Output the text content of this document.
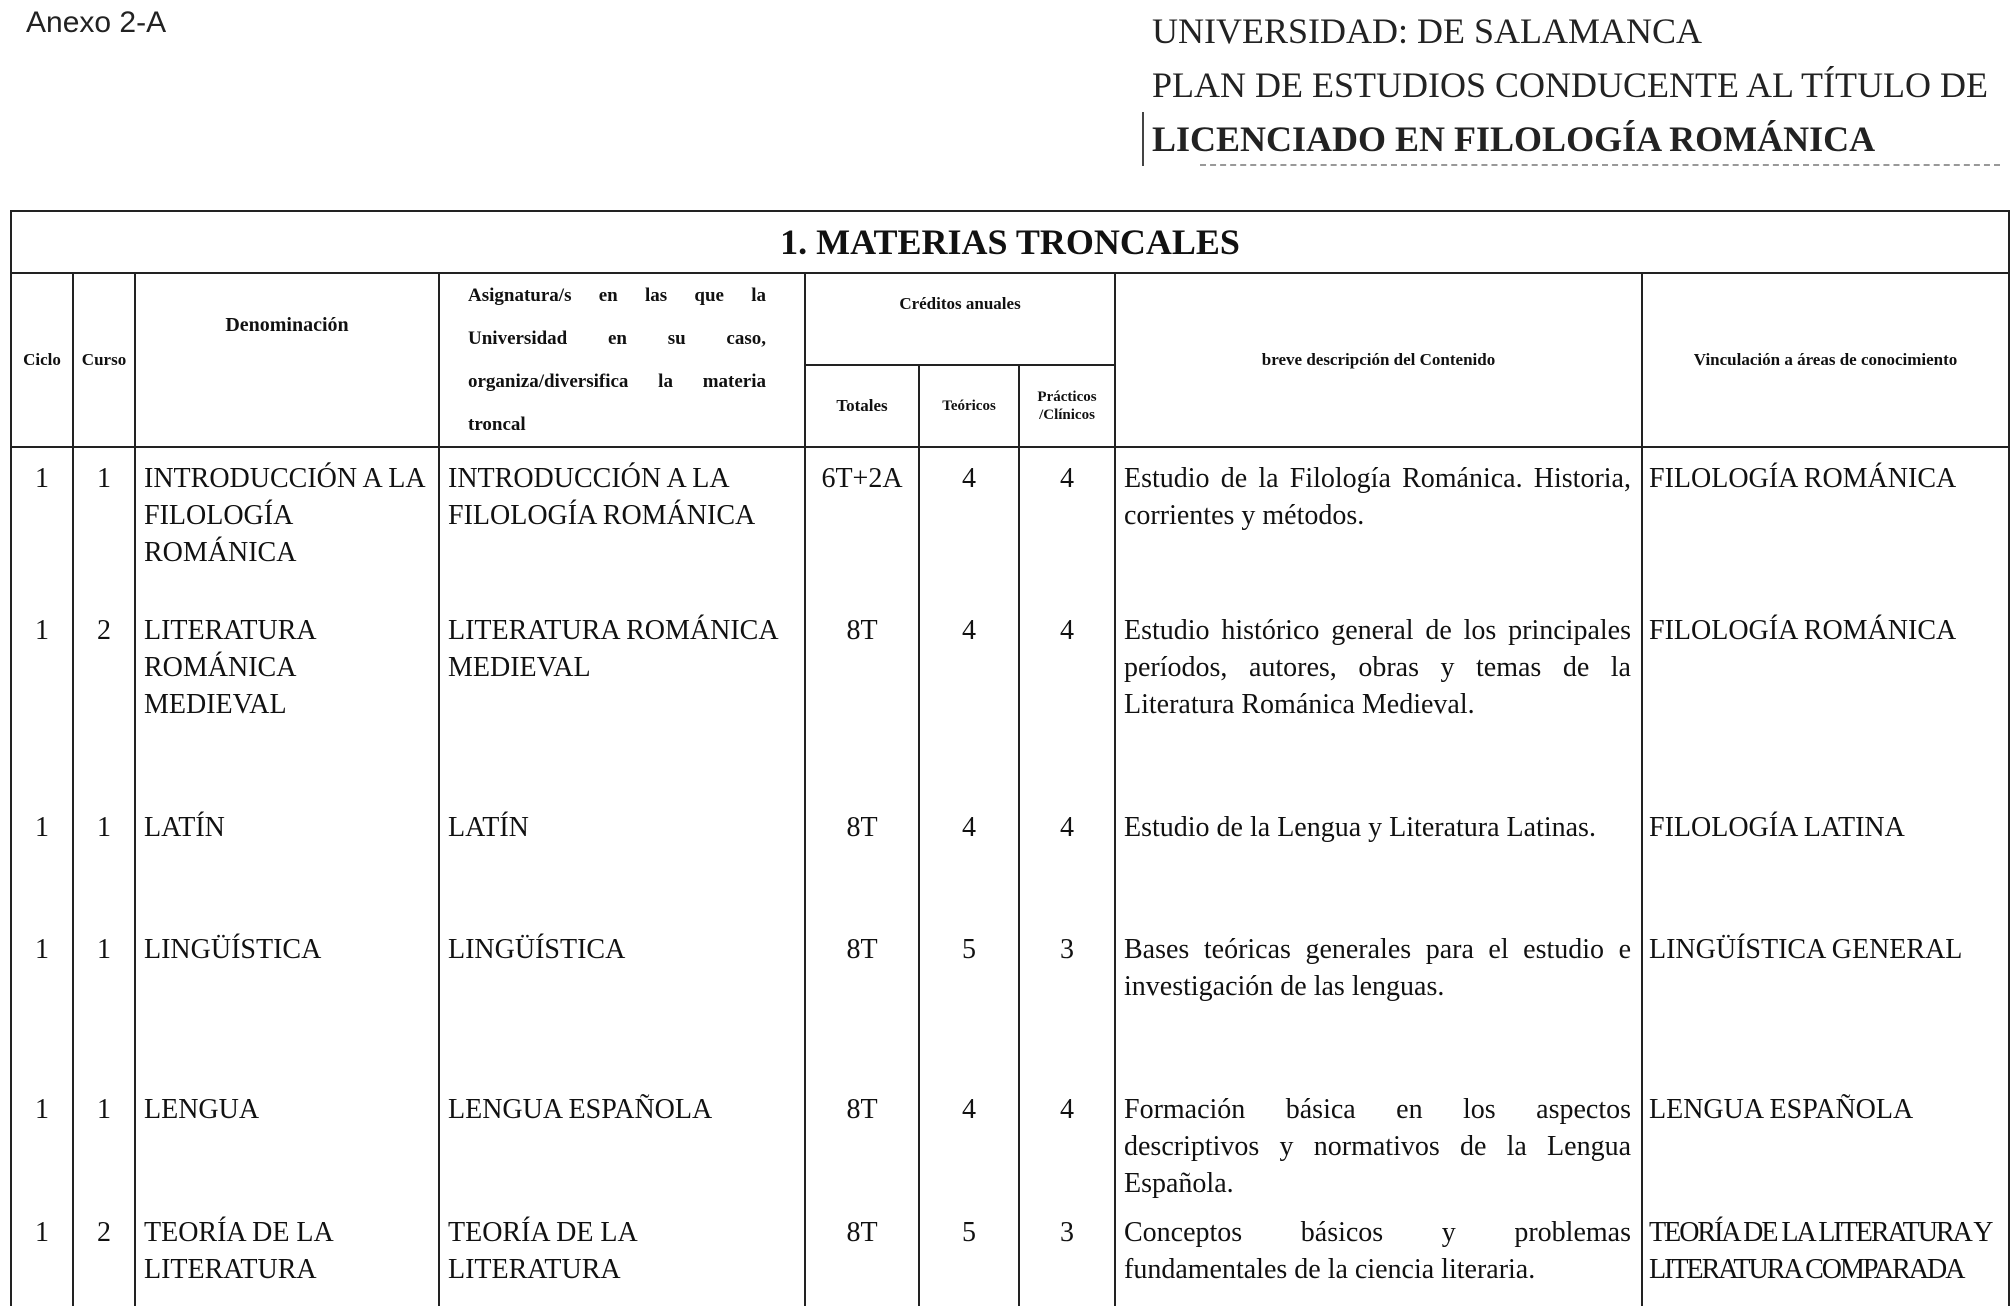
Anexo 2-A	UNIVERSIDAD: DE SALAMANCA
PLAN DE ESTUDIOS CONDUCENTE AL TÍTULO DE
LICENCIADO EN FILOLOGÍA ROMÁNICA
1. MATERIAS TRONCALES								
Ciclo	Curso	Denominación	Asignatura/s en las que la Universidad en su caso, organiza/diversifica la materia troncal	Créditos anuales			breve descripción del Contenido	Vinculación a áreas de conocimiento
				Totales	Teóricos	Prácticos /Clínicos		
1	1	INTRODUCCIÓN A LA FILOLOGÍA ROMÁNICA	INTRODUCCIÓN A LA FILOLOGÍA ROMÁNICA	6T+2A	4	4	Estudio de la Filología Románica. Historia, corrientes y métodos.	FILOLOGÍA ROMÁNICA
1	2	LITERATURA ROMÁNICA MEDIEVAL	LITERATURA ROMÁNICA MEDIEVAL	8T	4	4	Estudio histórico general de los principales períodos, autores, obras y temas de la Literatura Románica Medieval.	FILOLOGÍA ROMÁNICA
1	1	LATÍN	LATÍN	8T	4	4	Estudio de la Lengua y Literatura Latinas.	FILOLOGÍA LATINA
1	1	LINGÜÍSTICA	LINGÜÍSTICA	8T	5	3	Bases teóricas generales para el estudio e investigación de las lenguas.	LINGÜÍSTICA GENERAL
1	1	LENGUA	LENGUA ESPAÑOLA	8T	4	4	Formación básica en los aspectos descriptivos y normativos de la Lengua Española.	LENGUA ESPAÑOLA
1	2	TEORÍA DE LA LITERATURA	TEORÍA DE LA LITERATURA	8T	5	3	Conceptos básicos y problemas fundamentales de la ciencia literaria.	TEORÍA DE LA LITERATURA Y LITERATURA COMPARADA
